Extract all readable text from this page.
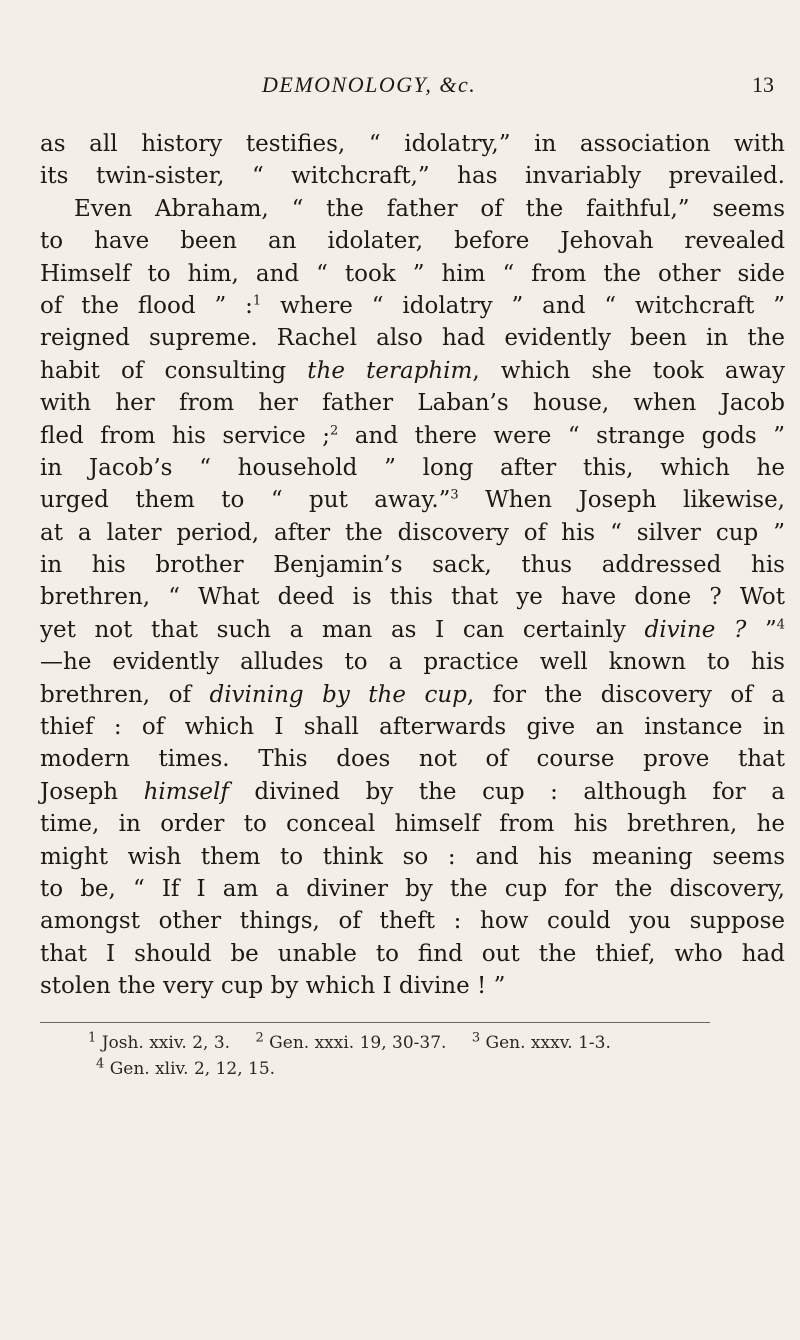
DEMONOLOGY, &c.	13
as all history testifies, “ idolatry,” in association with
its twin-sister, “ witchcraft,” has invariably prevailed.
Even Abraham, “ the father of the faithful,” seems
to have been an idolater, before Jehovah revealed
Himself to him, and “ took ” him “ from the other side
of the flood ” :$^1$ where “ idolatry ” and “ witchcraft ”
reigned supreme. Rachel also had evidently been in the
habit of consulting the teraphim, which she took away
with her from her father Laban’s house, when Jacob
fled from his service ;$^2$ and there were “ strange gods ”
in Jacob’s “ household ” long after this, which he
urged them to “ put away.”$^3$ When Joseph likewise,
at a later period, after the discovery of his “ silver cup ”
in his brother Benjamin’s sack, thus addressed his
brethren, “ What deed is this that ye have done ? Wot
yet not that such a man as I can certainly divine ? ”$^4$
—he evidently alludes to a practice well known to his
brethren, of divining by the cup, for the discovery of a
thief : of which I shall afterwards give an instance in
modern times. This does not of course prove that
Joseph himself divined by the cup : although for a
time, in order to conceal himself from his brethren, he
might wish them to think so : and his meaning seems
to be, “ If I am a diviner by the cup for the discovery,
amongst other things, of theft : how could you suppose
that I should be unable to find out the thief, who had
stolen the very cup by which I divine ! ”
$^1$ Josh. xxiv. 2, 3. $^2$ Gen. xxxi. 19, 30-37. $^3$ Gen. xxxv. 1-3.
$^4$ Gen. xliv. 2, 12, 15.
